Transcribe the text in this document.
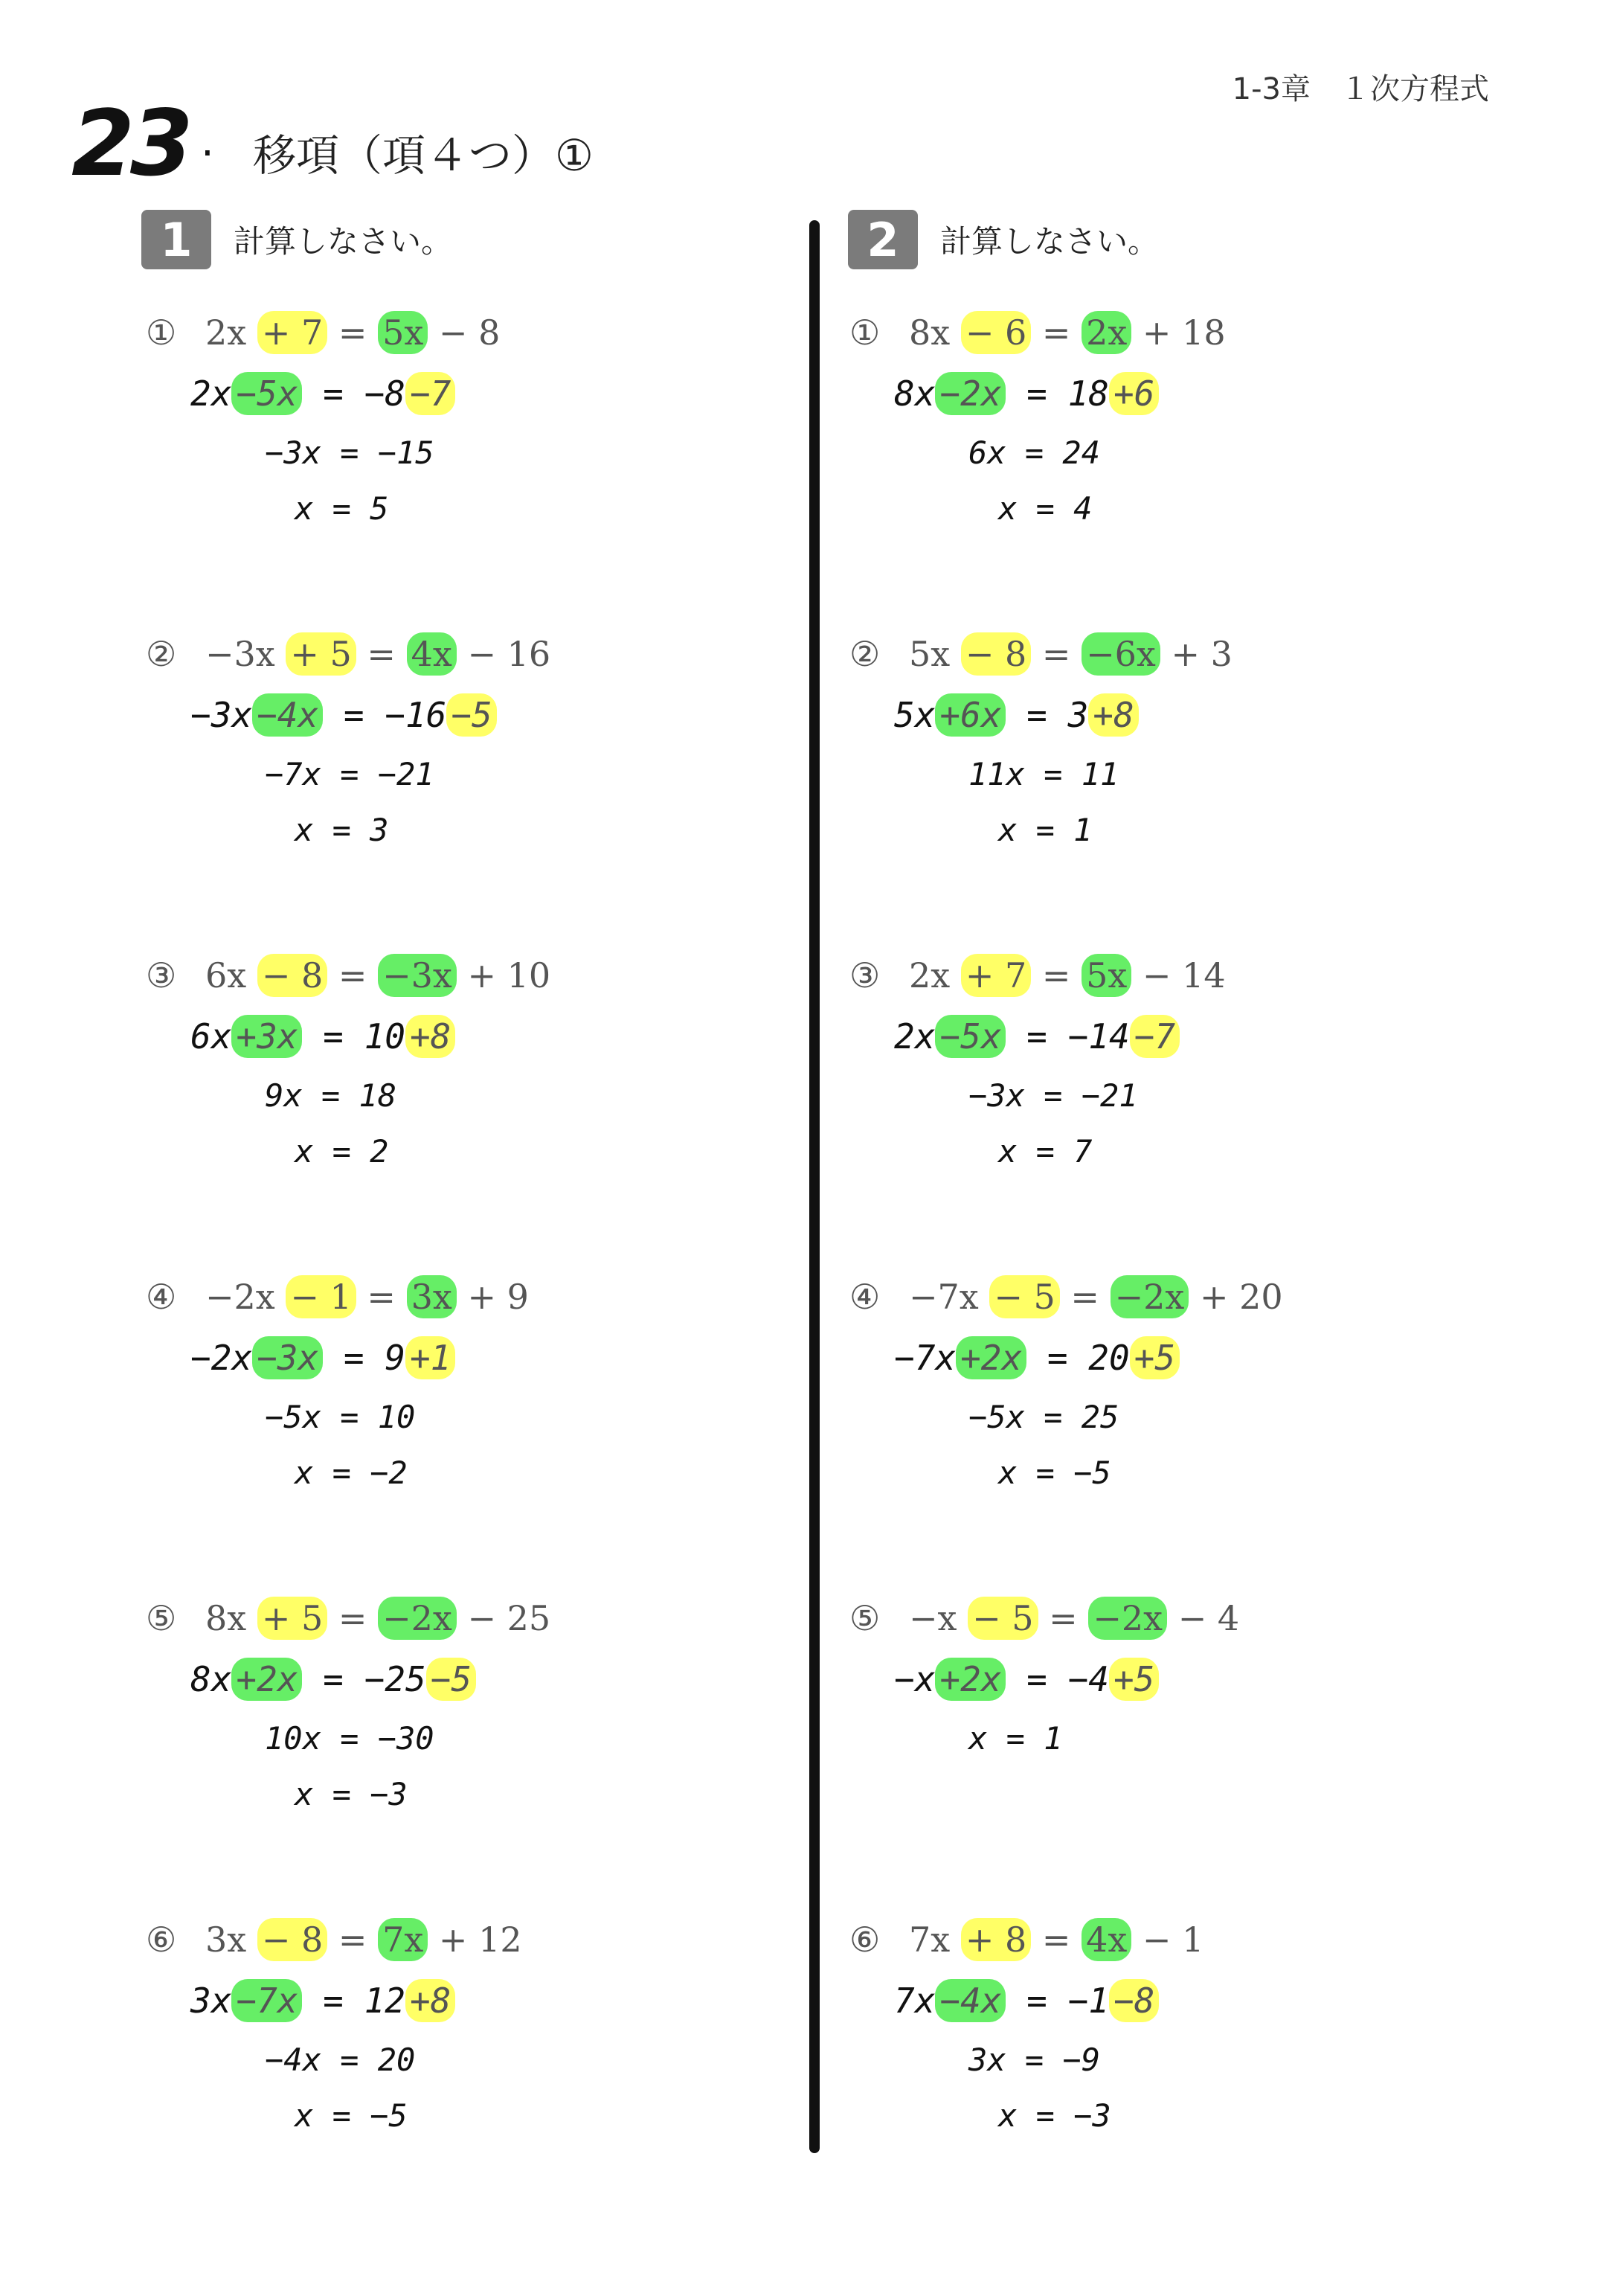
1-3章　１次方程式
23 . 移項（項４つ）①
1	計算しなさい。	2	計算しなさい。
① 2x + 7 = 5x − 8
2x −5x = −8 −7
−3x = −15
x = 5
② −3x + 5 = 4x − 16
−3x −4x = −16 −5
−7x = −21
x = 3
③ 6x − 8 = −3x + 10
6x +3x = 10 +8
9x = 18
x = 2
④ −2x − 1 = 3x + 9
−2x −3x = 9 +1
−5x = 10
x = −2
⑤ 8x + 5 = −2x − 25
8x +2x = −25 −5
10x = −30
x = −3
⑥ 3x − 8 = 7x + 12
3x −7x = 12 +8
−4x = 20
x = −5
① 8x − 6 = 2x + 18
8x −2x = 18 +6
6x = 24
x = 4
② 5x − 8 = −6x + 3
5x +6x = 3 +8
11x = 11
x = 1
③ 2x + 7 = 5x − 14
2x −5x = −14 −7
−3x = −21
x = 7
④ −7x − 5 = −2x + 20
−7x +2x = 20 +5
−5x = 25
x = −5
⑤ −x − 5 = −2x − 4
−x +2x = −4 +5
x = 1
⑥ 7x + 8 = 4x − 1
7x −4x = −1 −8
3x = −9
x = −3
